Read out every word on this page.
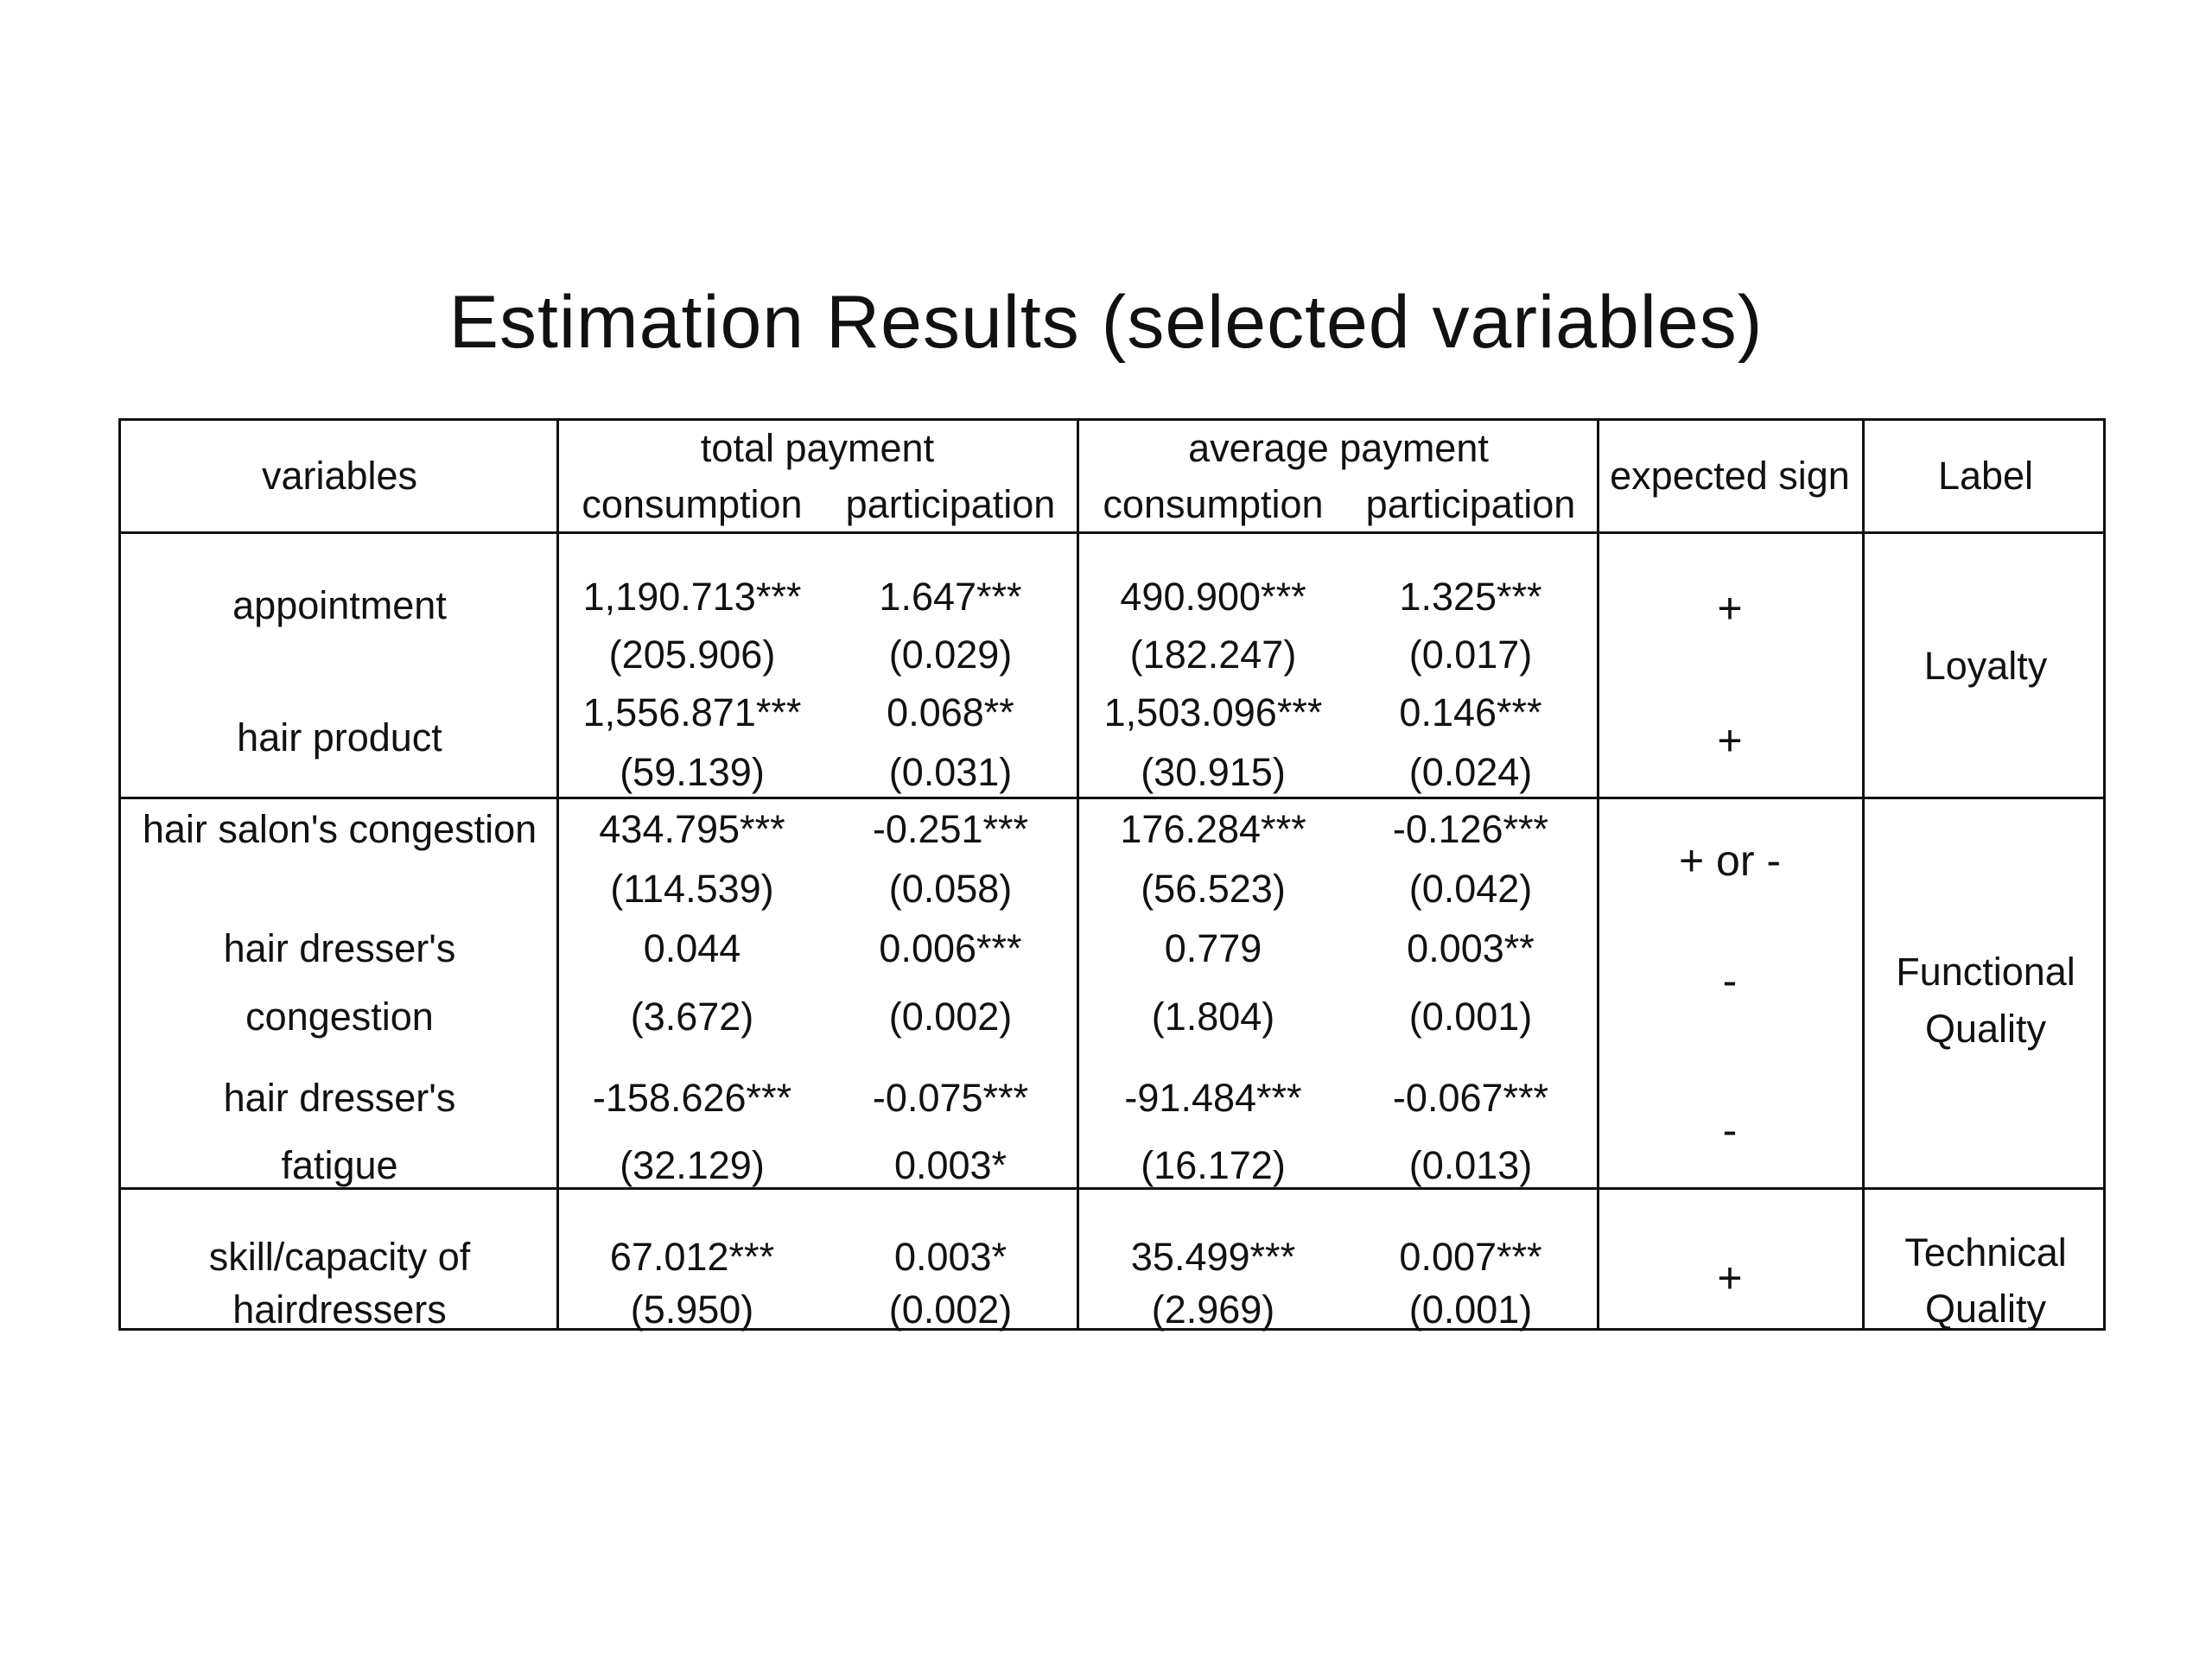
Estimation Results (selected variables)
variables
total payment
consumption participation
average payment
consumption participation
expected sign Label
appointment	1,190.713***
(205.906)
1.647***
(0.029)
490.900***
(182.247)
1.325***
(0.017)
+
hair product
1,556.871***
(59.139)
0.068**
(0.031)
1,503.096***
(30.915)
0.146***
(0.024)
+
Loyalty
hair salon's congestion 434.795***
(114.539)
-0.251***
(0.058)
176.284***
(56.523)
-0.126***
(0.042)
+ or -
hair dresser's
congestion
0.044
(3.672)
0.006***
(0.002)
0.779
(1.804)
0.003**
(0.001)
-
hair dresser's
fatigue
-158.626***
(32.129)
-0.075***
0.003*
-91.484***
(16.172)
-0.067***
(0.013)
-
Functional
Quality
skill/capacity of
hairdressers
67.012***
(5.950)
0.003*
(0.002)
35.499***
(2.969)
0.007***
(0.001)
+
Technical
Quality
